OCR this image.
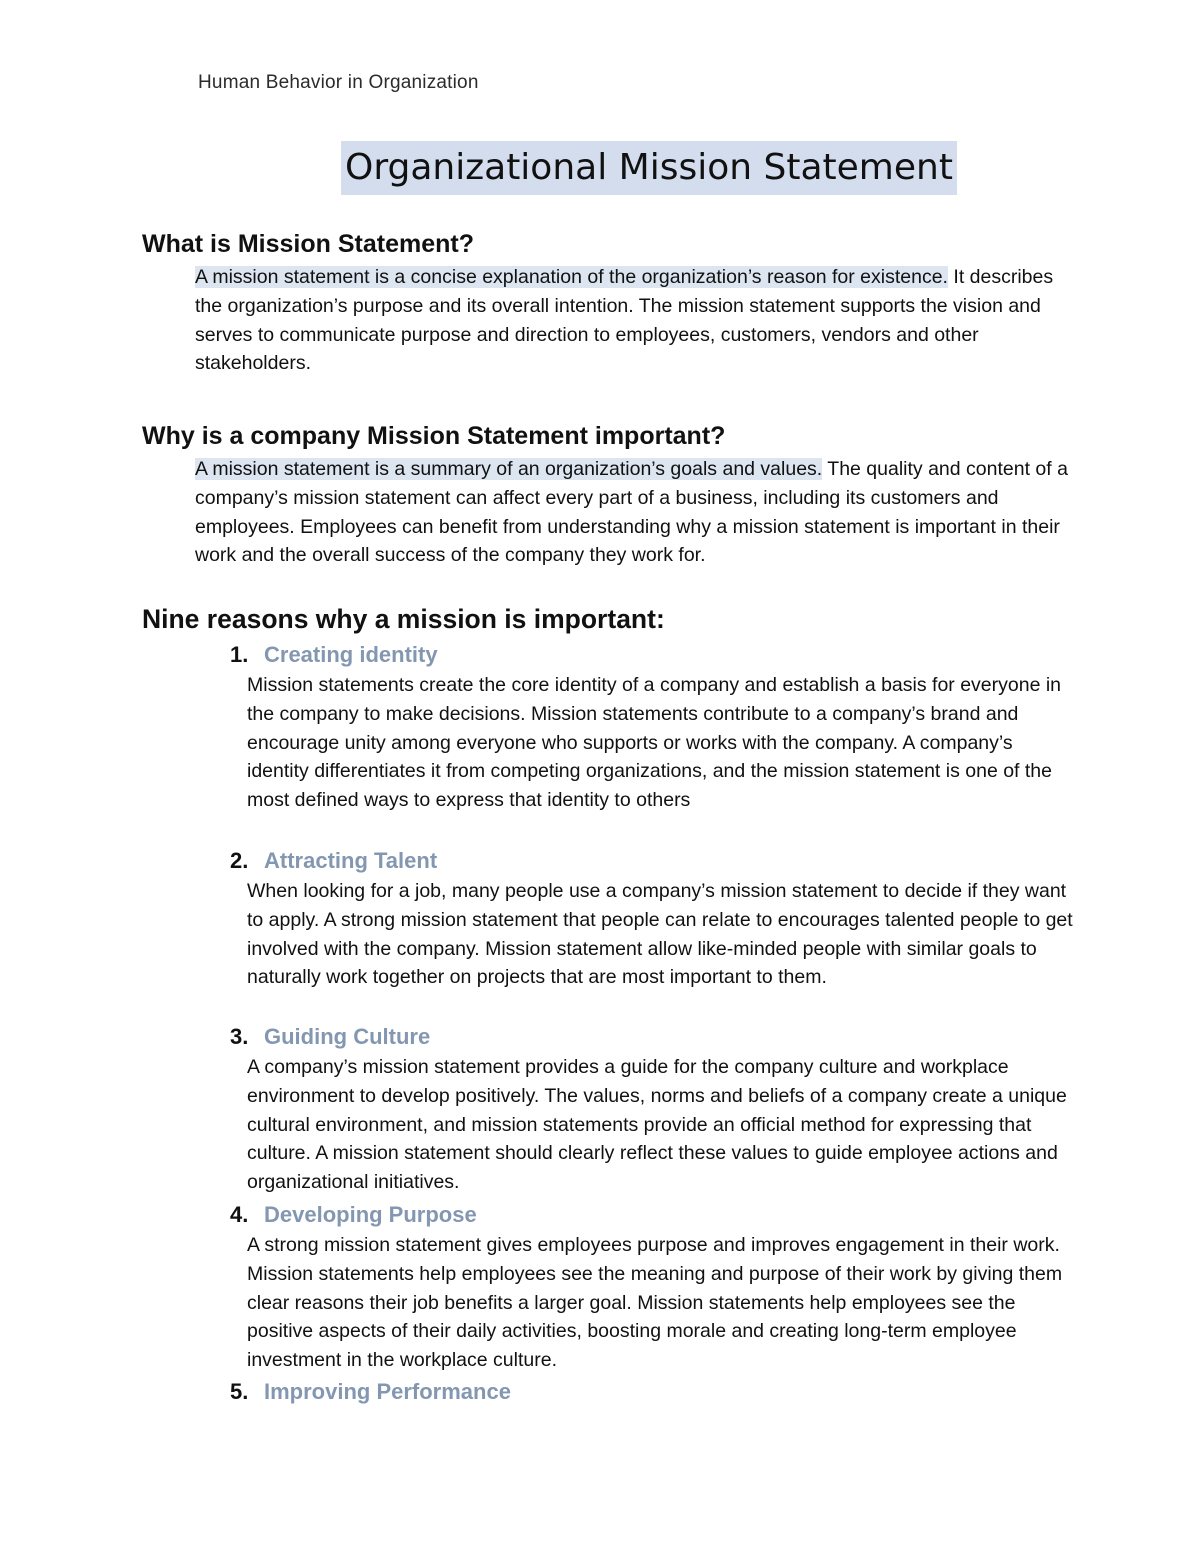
Human Behavior in Organization
Organizational Mission Statement
What is Mission Statement?

A mission statement is a concise explanation of the organization’s reason for existence. It describes the organization’s purpose and its overall intention. The mission statement supports the vision and serves to communicate purpose and direction to employees, customers, vendors and other stakeholders.

Why is a company Mission Statement important?

A mission statement is a summary of an organization’s goals and values. The quality and content of a company’s mission statement can affect every part of a business, including its customers and employees. Employees can benefit from understanding why a mission statement is important in their work and the overall success of the company they work for.

Nine reasons why a mission is important:
1. Creating identity

Mission statements create the core identity of a company and establish a basis for everyone in the company to make decisions. Mission statements contribute to a company’s brand and encourage unity among everyone who supports or works with the company. A company’s identity differentiates it from competing organizations, and the mission statement is one of the most defined ways to express that identity to others

2. Attracting Talent

When looking for a job, many people use a company’s mission statement to decide if they want to apply. A strong mission statement that people can relate to encourages talented people to get involved with the company. Mission statement allow like-minded people with similar goals to naturally work together on projects that are most important to them.

3. Guiding Culture

A company’s mission statement provides a guide for the company culture and workplace environment to develop positively. The values, norms and beliefs of a company create a unique cultural environment, and mission statements provide an official method for expressing that culture. A mission statement should clearly reflect these values to guide employee actions and organizational initiatives.

4. Developing Purpose

A strong mission statement gives employees purpose and improves engagement in their work. Mission statements help employees see the meaning and purpose of their work by giving them clear reasons their job benefits a larger goal. Mission statements help employees see the positive aspects of their daily activities, boosting morale and creating long-term employee investment in the workplace culture.

5. Improving Performance
